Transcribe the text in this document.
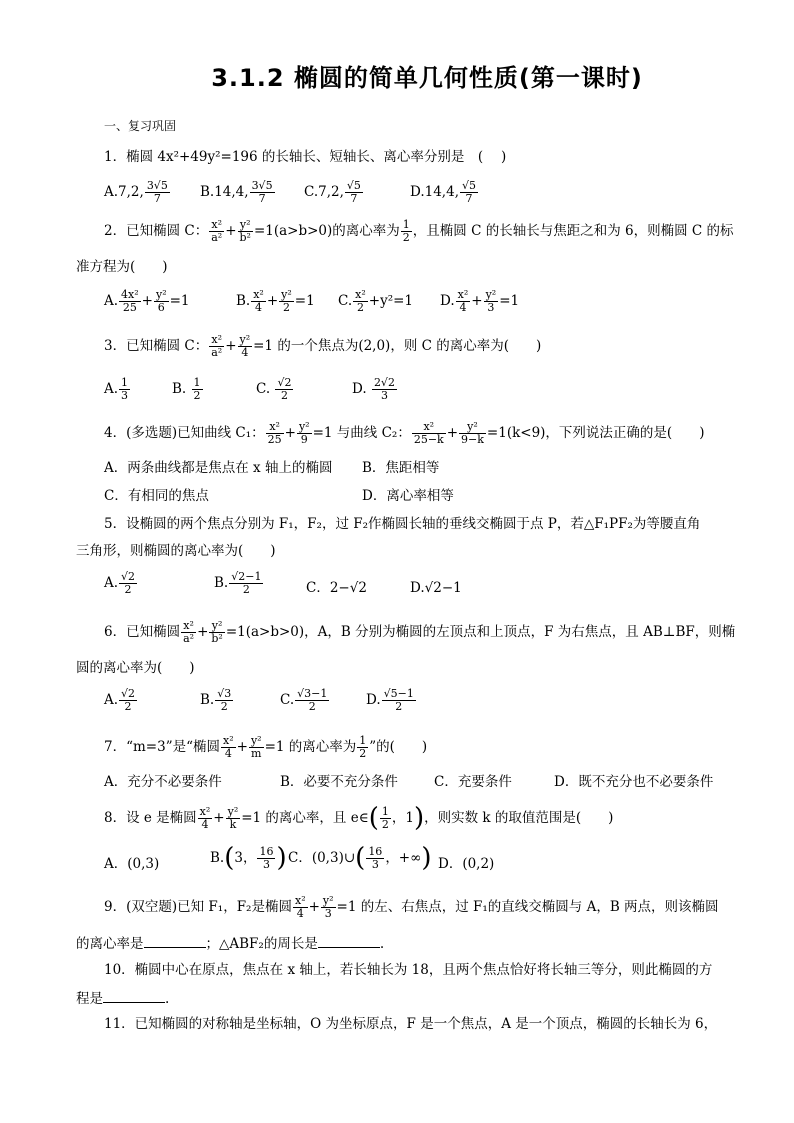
3.1.2 椭圆的简单几何性质(第一课时)
一、复习巩固
1．椭圆 4x²+49y²=196 的长轴长、短轴长、离心率分别是　(　 )
A.7,2, $\frac{3√5}{7} B.14,4$, $\frac{3√5}{7} C.7,2$, $\frac{√5}{7}$	D.14,4, $\frac{√5}{7}$
2．已知椭圆 C： $\frac{\text{x²}}{\text{a²}} + \frac{\text{y²}}{\text{b²}} =1(a>b>0)$的离心率为 $\frac{1}{2}$ ，且椭圆 C 的长轴长与焦距之和为 6，则椭圆 C 的标
准方程为(　　)
A. $\frac{\text{4x²}}{25} + \frac{\text{y²}}{6} =1$	B. $\frac{\text{x²}}{4} + \frac{\text{y²}}{2} =1$ C. $\frac{\text{x²}}{2} +y^2=1$ D. $\frac{\text{x²}}{4} + \frac{\text{y²}}{3} =1$
3．已知椭圆 C： $\frac{\text{x²}}{\text{a²}} + \frac{\text{y²}}{4} =1$ 的一个焦点为(2,0)，则 C 的离心率为(　　)
A. $\frac{1}{3}$	B. $\frac{1}{2}$	C. $\frac{√2}{2}$	D. $\frac{2√2}{3}$
4．(多选题)已知曲线 C₁： $\frac{\text{x²}}{25} + \frac{\text{y²}}{9} =1$ 与曲线 C₂： $\frac{\text{x²}}{25-k} + \frac{\text{y²}}{9-k} =1(k<9)$，下列说法正确的是(　　)
A．两条曲线都是焦点在 x 轴上的椭圆 B．焦距相等
C．有相同的焦点	D．离心率相等
5．设椭圆的两个焦点分别为 F₁，F₂，过 F₂作椭圆长轴的垂线交椭圆于点 P，若△F₁PF₂为等腰直角
三角形，则椭圆的离心率为(　　)
A. $\frac{√2}{2}$	B. $\frac{√2-1}{2}$	C．2−√2	D.√2−1
6．已知椭圆 $\frac{\text{x²}}{\text{a²}} + \frac{\text{y²}}{\text{b²}} =1(a>b>0)$，A，B 分别为椭圆的左顶点和上顶点，F 为右焦点，且 AB⊥BF，则椭
圆的离心率为(　　)
A. $\frac{√2}{2}$	B. $\frac{√3}{2}$	C. $\frac{√3-1}{2}$	D. $\frac{√5-1}{2}$
7．“m=3”是“椭圆 $\frac{\text{x²}}{4} + \frac{\text{y²}}{m} =1$ 的离心率为 $\frac{1}{2}$ ”的(　　)
A．充分不必要条件	B．必要不充分条件	C．充要条件	D．既不充分也不必要条件
8．设 e 是椭圆 $\frac{\text{x²}}{4} + \frac{\text{y²}}{k} =1$ 的离心率，且 e∈( $\frac{1}{2}$ ，1)，则实数 k 的取值范围是(　　)
A．(0,3)	B.(3， $\frac{16}{3}$ ) C．(0,3)∪( $\frac{16}{3}$ ，+∞) D．(0,2)
9．(双空题)已知 F₁，F₂是椭圆 $\frac{\text{x²}}{4} + \frac{\text{y²}}{3} =1$ 的左、右焦点，过 F₁的直线交椭圆与 A，B 两点，则该椭圆
的离心率是	；△ABF₂的周长是	.
10．椭圆中心在原点，焦点在 x 轴上，若长轴长为 18，且两个焦点恰好将长轴三等分，则此椭圆的方
程是	.
11．已知椭圆的对称轴是坐标轴，O 为坐标原点，F 是一个焦点，A 是一个顶点，椭圆的长轴长为 6，
